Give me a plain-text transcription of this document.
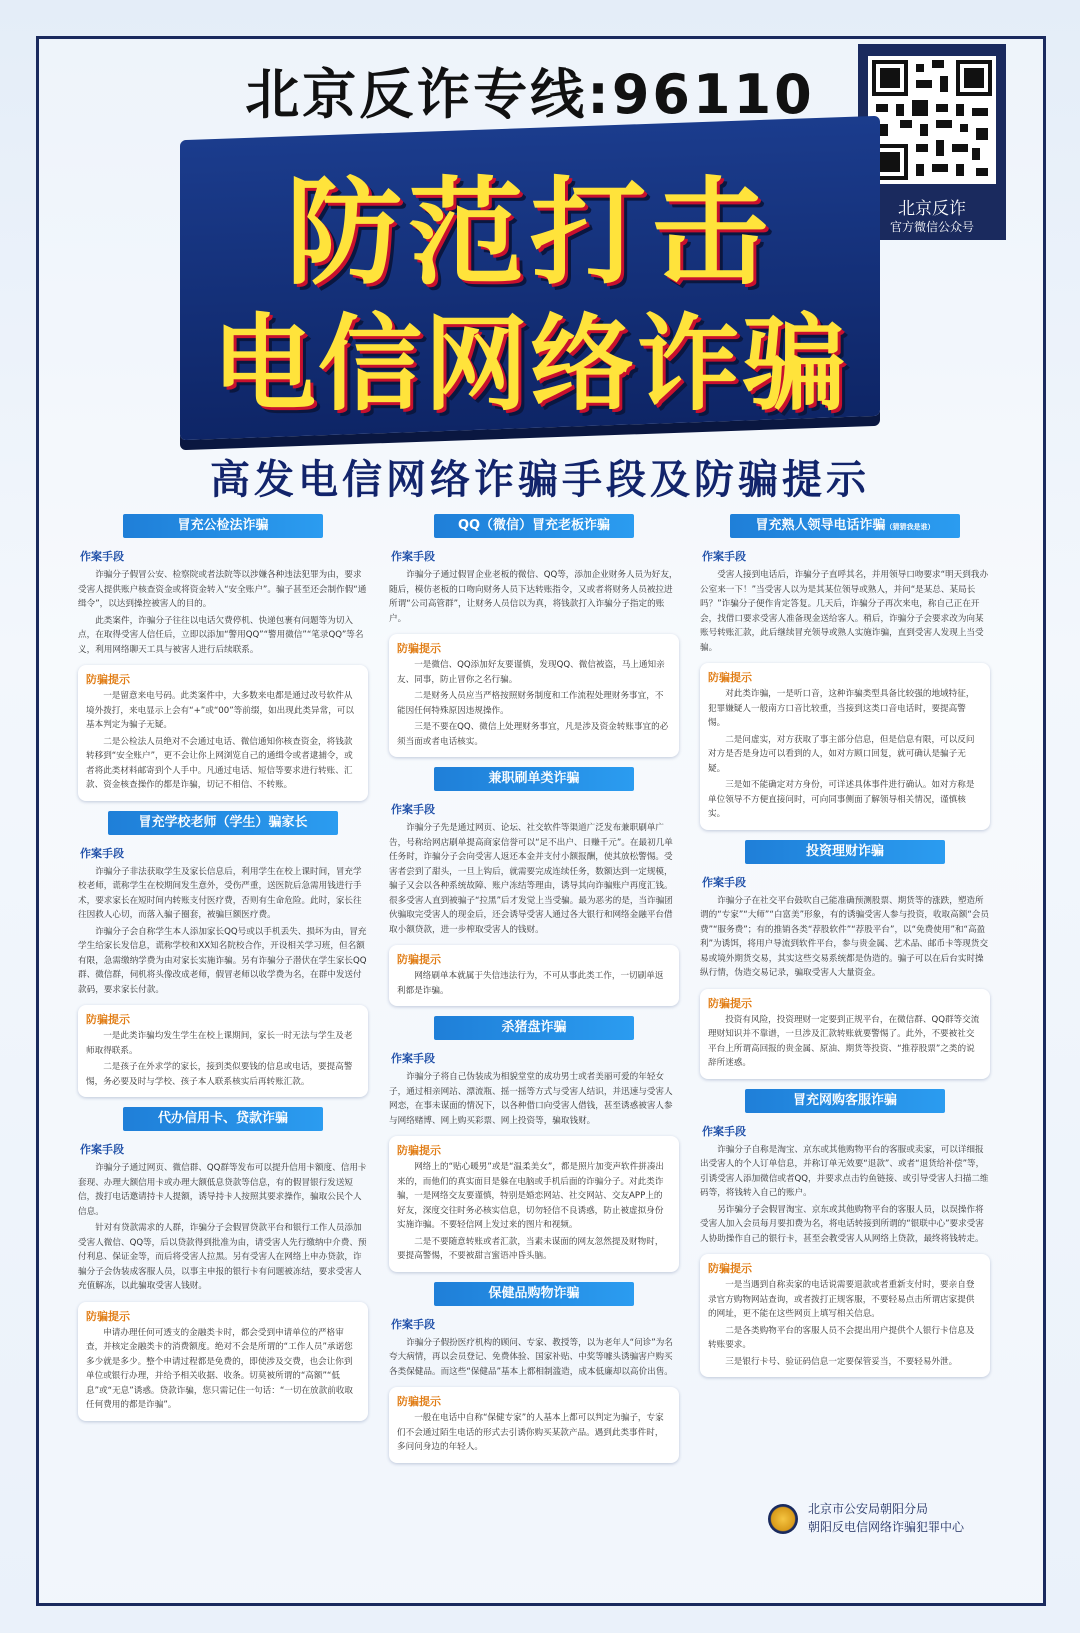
北京反诈专线:96110
北京反诈
官方微信公众号
防范打击
电信网络诈骗
高发电信网络诈骗手段及防骗提示
冒充公检法诈骗
作案手段

诈骗分子假冒公安、检察院或者法院等以涉嫌各种违法犯罪为由，要求受害人提供账户核查资金或将资金转入“安全账户”。骗子甚至还会制作假“通缉令”，以达到操控被害人的目的。

此类案件，诈骗分子往往以电话欠费停机、快递包裹有问题等为切入点，在取得受害人信任后，立即以添加“警用QQ”“警用微信”“笔录QQ”等名义，利用网络聊天工具与被害人进行后续联系。

防骗提示

一是留意来电号码。此类案件中，大多数来电都是通过改号软件从境外拨打，来电显示上会有“+”或“00”等前缀，如出现此类异常，可以基本判定为骗子无疑。

二是公检法人员绝对不会通过电话、微信通知你核查资金，将钱款转移到“安全账户”，更不会让你上网浏览自己的通缉令或者逮捕令，或者将此类材料邮寄到个人手中。凡通过电话、短信等要求进行转账、汇款、资金核查操作的都是诈骗，切记不相信、不转账。

冒充学校老师（学生）骗家长
作案手段

诈骗分子非法获取学生及家长信息后，利用学生在校上课时间，冒充学校老师，谎称学生在校期间发生意外，受伤严重，送医院后急需用钱进行手术，要求家长在短时间内转账支付医疗费，否则有生命危险。此时，家长往往因救人心切，而落入骗子圈套，被骗巨额医疗费。

诈骗分子会自称学生本人添加家长QQ号或以手机丢失、损坏为由，冒充学生给家长发信息，谎称学校和XX知名院校合作，开设相关学习班，但名额有限，急需缴纳学费为由对家长实施诈骗。另有诈骗分子潜伏在学生家长QQ群、微信群，伺机将头像改成老师，假冒老师以收学费为名，在群中发送付款码，要求家长付款。

防骗提示

一是此类诈骗均发生学生在校上课期间，家长一时无法与学生及老师取得联系。

二是孩子在外求学的家长，接到类似要钱的信息或电话，要提高警惕，务必要及时与学校、孩子本人联系核实后再转账汇款。

代办信用卡、贷款诈骗
作案手段

诈骗分子通过网页、微信群、QQ群等发布可以提升信用卡额度、信用卡套现、办理大额信用卡或办理大额低息贷款等信息，有的假冒银行发送短信，拨打电话邀请持卡人提额，诱导持卡人按照其要求操作，骗取公民个人信息。

针对有贷款需求的人群，诈骗分子会假冒贷款平台和银行工作人员添加受害人微信、QQ等，后以贷款得到批准为由，请受害人先行缴纳中介费、预付利息、保证金等，而后将受害人拉黑。另有受害人在网络上申办贷款，诈骗分子会伪装成客服人员，以事主申报的银行卡有问题被冻结，要求受害人充值解冻，以此骗取受害人钱财。

防骗提示

申请办理任何可透支的金融类卡时，都会受到申请单位的严格审查，并核定金融类卡的消费额度。绝对不会是所谓的“工作人员”承诺您多少就是多少。整个申请过程都是免费的，即使涉及交费，也会让你到单位或银行办理，并给予相关收据、收条。切莫被所谓的“高额”“低息”或“无息”诱惑。贷款诈骗，您只需记住一句话：“一切在放款前收取任何费用的都是诈骗”。

QQ（微信）冒充老板诈骗
作案手段

诈骗分子通过假冒企业老板的微信、QQ等，添加企业财务人员为好友，随后，模仿老板的口吻向财务人员下达转账指令，又或者将财务人员被拉进所谓“公司高管群”，让财务人员信以为真，将钱款打入诈骗分子指定的账户。

防骗提示

一是微信、QQ添加好友要谨慎，发现QQ、微信被盗，马上通知亲友、同事，防止冒你之名行骗。

二是财务人员应当严格按照财务制度和工作流程处理财务事宜，不能因任何特殊原因违规操作。

三是不要在QQ、微信上处理财务事宜，凡是涉及资金转账事宜的必须当面或者电话核实。

兼职刷单类诈骗
作案手段

诈骗分子先是通过网页、论坛、社交软件等渠道广泛发布兼职刷单广告，号称给网店刷单提高商家信誉可以“足不出户、日赚千元”。在最初几单任务时，诈骗分子会向受害人返还本金并支付小额报酬，使其放松警惕。受害者尝到了甜头，一旦上钩后，就需要完成连续任务，数额达到一定规模，骗子又会以各种系统故障、账户冻结等理由，诱导其向诈骗账户再度汇钱。很多受害人直到被骗子“拉黑”后才发觉上当受骗。最为恶劣的是，当诈骗团伙骗取完受害人的现金后，还会诱导受害人通过各大银行和网络金融平台借取小额贷款，进一步榨取受害人的钱财。

防骗提示

网络刷单本就属于失信违法行为，不可从事此类工作，一切刷单返利都是诈骗。

杀猪盘诈骗
作案手段

诈骗分子将自己伪装成为相貌堂堂的成功男士或者美丽可爱的年轻女子，通过相亲网站、漂流瓶、摇一摇等方式与受害人结识，并迅速与受害人网恋，在事未谋面的情况下，以各种借口向受害人借钱，甚至诱惑被害人参与网络赌博、网上购买彩票、网上投资等，骗取钱财。

防骗提示

网络上的“贴心暖男”或是“温柔美女”，都是照片加变声软件拼凑出来的，而他们的真实面目是躲在电脑或手机后面的诈骗分子。对此类诈骗，一是网络交友要谨慎，特别是婚恋网站、社交网站、交友APP上的好友，深度交往时务必核实信息，切勿轻信不良诱惑，防止被虚拟身份实施诈骗。不要轻信网上发过来的图片和视频。

二是不要随意转账或者汇款，当素未谋面的网友忽然提及财物时，要提高警惕，不要被甜言蜜语冲昏头脑。

保健品购物诈骗
作案手段

诈骗分子假扮医疗机构的顾问、专家、教授等，以为老年人“问诊”为名夸大病情，再以会员登记、免费体验、国家补贴、中奖等噱头诱骗害户购买各类保健品。而这些“保健品”基本上都相制滥造，成本低廉却以高价出售。

防骗提示

一般在电话中自称“保健专家”的人基本上都可以判定为骗子，专家们不会通过陌生电话的形式去引诱你购买某款产品。遇到此类事件时，多问问身边的年轻人。

冒充熟人领导电话诈骗（猜猜我是谁）
作案手段

受害人接到电话后，诈骗分子直呼其名，并用领导口吻要求“明天到我办公室来一下！”当受害人以为是其某位领导或熟人，并问“是某总、某局长吗？”诈骗分子便作肯定答复。几天后，诈骗分子再次来电，称自己正在开会，找借口要求受害人准备现金送给客人。稍后，诈骗分子会要求改为向某账号转账汇款，此后继续冒充领导或熟人实施诈骗，直到受害人发现上当受骗。

防骗提示

对此类诈骗，一是听口音，这种诈骗类型具备比较强的地域特征，犯罪嫌疑人一般南方口音比较重，当接到这类口音电话时，要提高警惕。

二是问虚实，对方获取了事主部分信息，但是信息有限，可以反问对方是否是身边可以看到的人，如对方顾口回复，就可确认是骗子无疑。

三是如不能确定对方身份，可详述具体事件进行确认。如对方称是单位领导不方便直接问时，可向同事侧面了解领导相关情况，谨慎核实。

投资理财诈骗
作案手段

诈骗分子在社交平台鼓吹自己能准确预测股票、期货等的涨跌，塑造所谓的“专家”“大师”“白富美”形象，有的诱骗受害人参与投资，收取高额“会员费”“服务费”；有的推销各类“荐股软件”“荐股平台”，以“免费使用”和“高盈利”为诱饵，将用户导流到软件平台，参与贵金属、艺术品、邮币卡等现货交易或境外期货交易，其实这些交易系统都是伪造的。骗子可以在后台实时操纵行情，伪造交易记录，骗取受害人大量资金。

防骗提示

投资有风险，投资理财一定要到正规平台，在微信群、QQ群等交流理财知识并不靠谱，一旦涉及汇款转账就要警惕了。此外，不要被社交平台上所谓高回报的贵金属、原油、期货等投资、“推荐股票”之类的说辞所迷惑。

冒充网购客服诈骗
作案手段

诈骗分子自称是淘宝、京东或其他购物平台的客服或卖家，可以详细报出受害人的个人订单信息，并称订单无效要“退款”、或者“退货给补偿”等，引诱受害人添加微信或者QQ，并要求点击钓鱼链接、或引导受害人扫描二维码等，将钱转入自己的账户。

另诈骗分子会假冒淘宝、京东或其他购物平台的客服人员，以误操作将受害人加入会员每月要扣费为名，将电话转接到所谓的“银联中心”要求受害人协助操作自己的银行卡，甚至会教受害人从网络上贷款，最终将钱转走。

防骗提示

一是当遇到自称卖家的电话说需要退款或者重新支付时，要亲自登录官方购物网站查询，或者拨打正规客服，不要轻易点击所谓店家提供的网址，更不能在这些网页上填写相关信息。

二是各类购物平台的客服人员不会提出用户提供个人银行卡信息及转账要求。

三是银行卡号、验证码信息一定要保管妥当，不要轻易外泄。

北京市公安局朝阳分局
朝阳反电信网络诈骗犯罪中心
